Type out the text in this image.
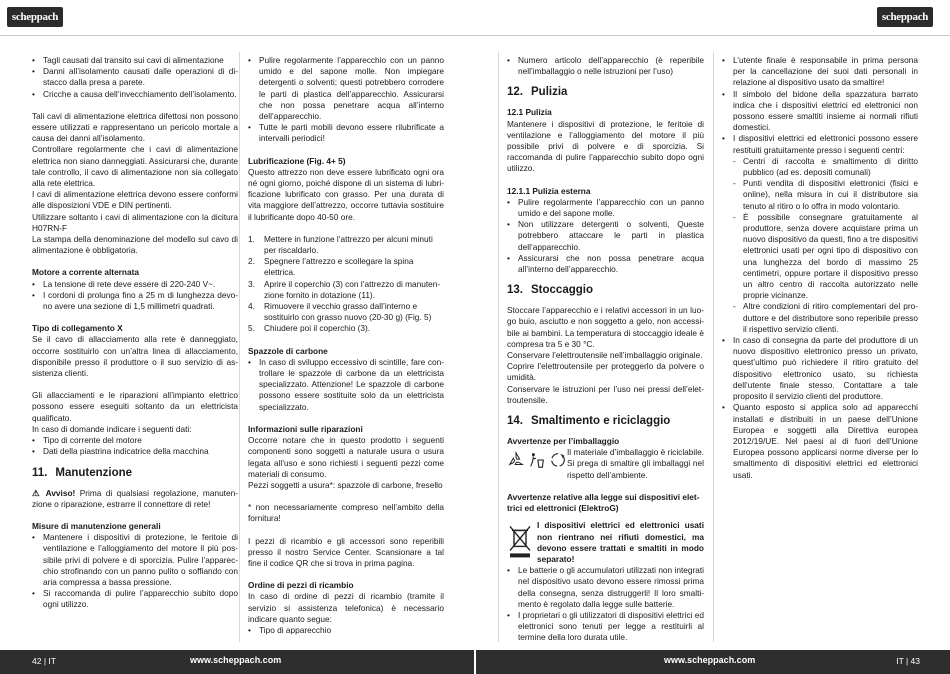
scheppach	scheppach
• Tagli causati dal transito sui cavi di alimentazione
• Danni all’isolamento causati dalle operazioni di distacco dalla presa a parete.
• Cricche a causa dell’invecchiamento dell’isolamento.

Tali cavi di alimentazione elettrica difettosi non possono essere utilizzati e rappresentano un pericolo mortale a causa dei danni all’isolamento.

Controllare regolarmente che i cavi di alimentazione elettrica non siano danneggiati. Assicurarsi che, durante tale controllo, il cavo di alimentazione non sia collegato alla rete elettrica.

I cavi di alimentazione elettrica devono essere conformi alle disposizioni VDE e DIN pertinenti.

Utilizzare soltanto i cavi di alimentazione con la dicitura H07RN-F

La stampa della denominazione del modello sul cavo di alimentazione è obbligatoria.

Motore a corrente alternata
• La tensione di rete deve essere di 220-240 V~.
• I cordoni di prolunga fino a 25 m di lunghezza devono avere una sezione di 1,5 millimetri quadrati.
Tipo di collegamento X

Se il cavo di allacciamento alla rete è danneggiato, occorre sostituirlo con un’altra linea di allacciamento, disponibile presso il produttore o il suo servizio di assistenza clienti.

Gli allacciamenti e le riparazioni all’impianto elettrico possono essere eseguiti soltanto da un elettricista qualificato.

In caso di domande indicare i seguenti dati:

• Tipo di corrente del motore
• Dati della piastrina indicatrice della macchina
11. Manutenzione

⚠ Avviso! Prima di qualsiasi regolazione, manutenzione o riparazione, estrarre il connettore di rete!

Misure di manutenzione generali
• Mantenere i dispositivi di protezione, le feritoie di ventilazione e l’alloggiamento del motore il più possibile privi di polvere e di sporcizia. Pulire l’apparecchio strofinando con un panno pulito o soffiando con aria compressa a bassa pressione.
• Si raccomanda di pulire l’apparecchio subito dopo ogni utilizzo.
• Pulire regolarmente l’apparecchio con un panno umido e del sapone molle. Non impiegare detergenti o solventi; questi potrebbero corrodere le parti di plastica dell’apparecchio. Assicurarsi che non possa penetrare acqua all’interno dell’apparecchio.
• Tutte le parti mobili devono essere rilubrificate a intervalli periodici!
Lubrificazione (Fig. 4+ 5)

Questo attrezzo non deve essere lubrificato ogni ora né ogni giorno, poiché dispone di un sistema di lubrificazione lubrificato con grasso. Per una durata di vita maggiore dell’attrezzo, occorre tuttavia sostituire il lubrificante dopo 40-50 ore.

1. Mettere in funzione l’attrezzo per alcuni minuti per riscaldarlo.
2. Spegnere l’attrezzo e scollegare la spina elettrica.
3. Aprire il coperchio (3) con l’attrezzo di manutenzione fornito in dotazione (11).
4. Rimuovere il vecchio grasso dall’interno e sostituirlo con grasso nuovo (20-30 g) (Fig. 5)
5. Chiudere poi il coperchio (3).
Spazzole di carbone
• In caso di sviluppo eccessivo di scintille, fare controllare le spazzole di carbone da un elettricista specializzato. Attenzione! Le spazzole di carbone possono essere sostituite solo da un elettricista specializzato.
Informazioni sulle riparazioni

Occorre notare che in questo prodotto i seguenti componenti sono soggetti a naturale usura o usura legata all’uso e sono richiesti i seguenti pezzi come materiali di consumo.

Pezzi soggetti a usura*: spazzole di carbone, fresello

* non necessariamente compreso nell’ambito della fornitura!

I pezzi di ricambio e gli accessori sono reperibili presso il nostro Service Center. Scansionare a tal fine il codice QR che si trova in prima pagina.

Ordine di pezzi di ricambio

In caso di ordine di pezzi di ricambio (tramite il servizio si assistenza telefonica) è necessario indicare quanto segue:

• Tipo di apparecchio
• Numero articolo dell’apparecchio (è reperibile nell’imballaggio o nelle istruzioni per l’uso)
12. Pulizia
12.1 Pulizia

Mantenere i dispositivi di protezione, le feritoie di ventilazione e l’alloggiamento del motore il più possibile privi di polvere e di sporcizia. Si raccomanda di pulire l’apparecchio subito dopo ogni utilizzo.

12.1.1 Pulizia esterna
• Pulire regolarmente l’apparecchio con un panno umido e del sapone molle.
• Non utilizzare detergenti o solventi, Queste potrebbero attaccare le parti in plastica dell’apparecchio.
• Assicurarsi che non possa penetrare acqua all’interno dell’apparecchio.
13. Stoccaggio

Stoccare l’apparecchio e i relativi accessori in un luogo buio, asciutto e non soggetto a gelo, non accessibile ai bambini. La temperatura di stoccaggio ideale è compresa tra 5 e 30 °C.

Conservare l’elettroutensile nell’imballaggio originale.

Coprire l’elettroutensile per proteggerlo da polvere o umidità.

Conservare le istruzioni per l’uso nei pressi dell’elettroutensile.

14. Smaltimento e riciclaggio
Avvertenze per l’imballaggio

Il materiale d’imballaggio è riciclabile. Si prega di smaltire gli imballaggi nel rispetto dell’ambiente.

Avvertenze relative alla legge sui dispositivi elettrici ed elettronici (ElektroG)

I dispositivi elettrici ed elettronici usati non rientrano nei rifiuti domestici, ma devono essere trattati e smaltiti in modo separato!

• Le batterie o gli accumulatori utilizzati non integrati nel dispositivo usato devono essere rimossi prima della consegna, senza distruggerli! Il loro smaltimento è regolato dalla legge sulle batterie.
• I proprietari o gli utilizzatori di dispositivi elettrici ed elettronici sono tenuti per legge a restituirli al termine della loro durata utile.
• L’utente finale è responsabile in prima persona per la cancellazione dei suoi dati personali in relazione al dispositivo usato da smaltire!
• Il simbolo del bidone della spazzatura barrato indica che i dispositivi elettrici ed elettronici non possono essere smaltiti insieme ai normali rifiuti domestici.
• I dispositivi elettrici ed elettronici possono essere restituiti gratuitamente presso i seguenti centri:
- Centri di raccolta e smaltimento di diritto pubblico (ad es. depositi comunali)
- Punti vendita di dispositivi elettronici (fisici e online), nella misura in cui il distributore sia tenuto al ritiro o lo offra in modo volontario.
- È possibile consegnare gratuitamente al produttore, senza dovere acquistare prima un nuovo dispositivo da questi, fino a tre dispositivi elettronici usati per ogni tipo di dispositivo con una lunghezza del bordo di massimo 25 centimetri, oppure portare il dispositivo presso un altro centro di raccolta autorizzato nelle proprie vicinanze.
- Altre condizioni di ritiro complementari del produttore e del distributore sono reperibile presso il rispettivo servizio clienti.
• In caso di consegna da parte del produttore di un nuovo dispositivo elettronico presso un privato, quest’ultimo può richiedere il ritiro gratuito del dispositivo elettronico usato, su richiesta dell’utente finale stesso. Contattare a tale proposito il servizio clienti del produttore.
• Quanto esposto si applica solo ad apparecchi installati e distribuiti in un paese dell’Unione Europea e soggetti alla Direttiva europea 2012/19/UE. Nel paesi al di fuori dell’Unione Europea possono applicarsi norme diverse per lo smaltimento di dispositivi elettrici ed elettronici usati.
42 | IT	www.scheppach.com	www.scheppach.com	IT | 43
